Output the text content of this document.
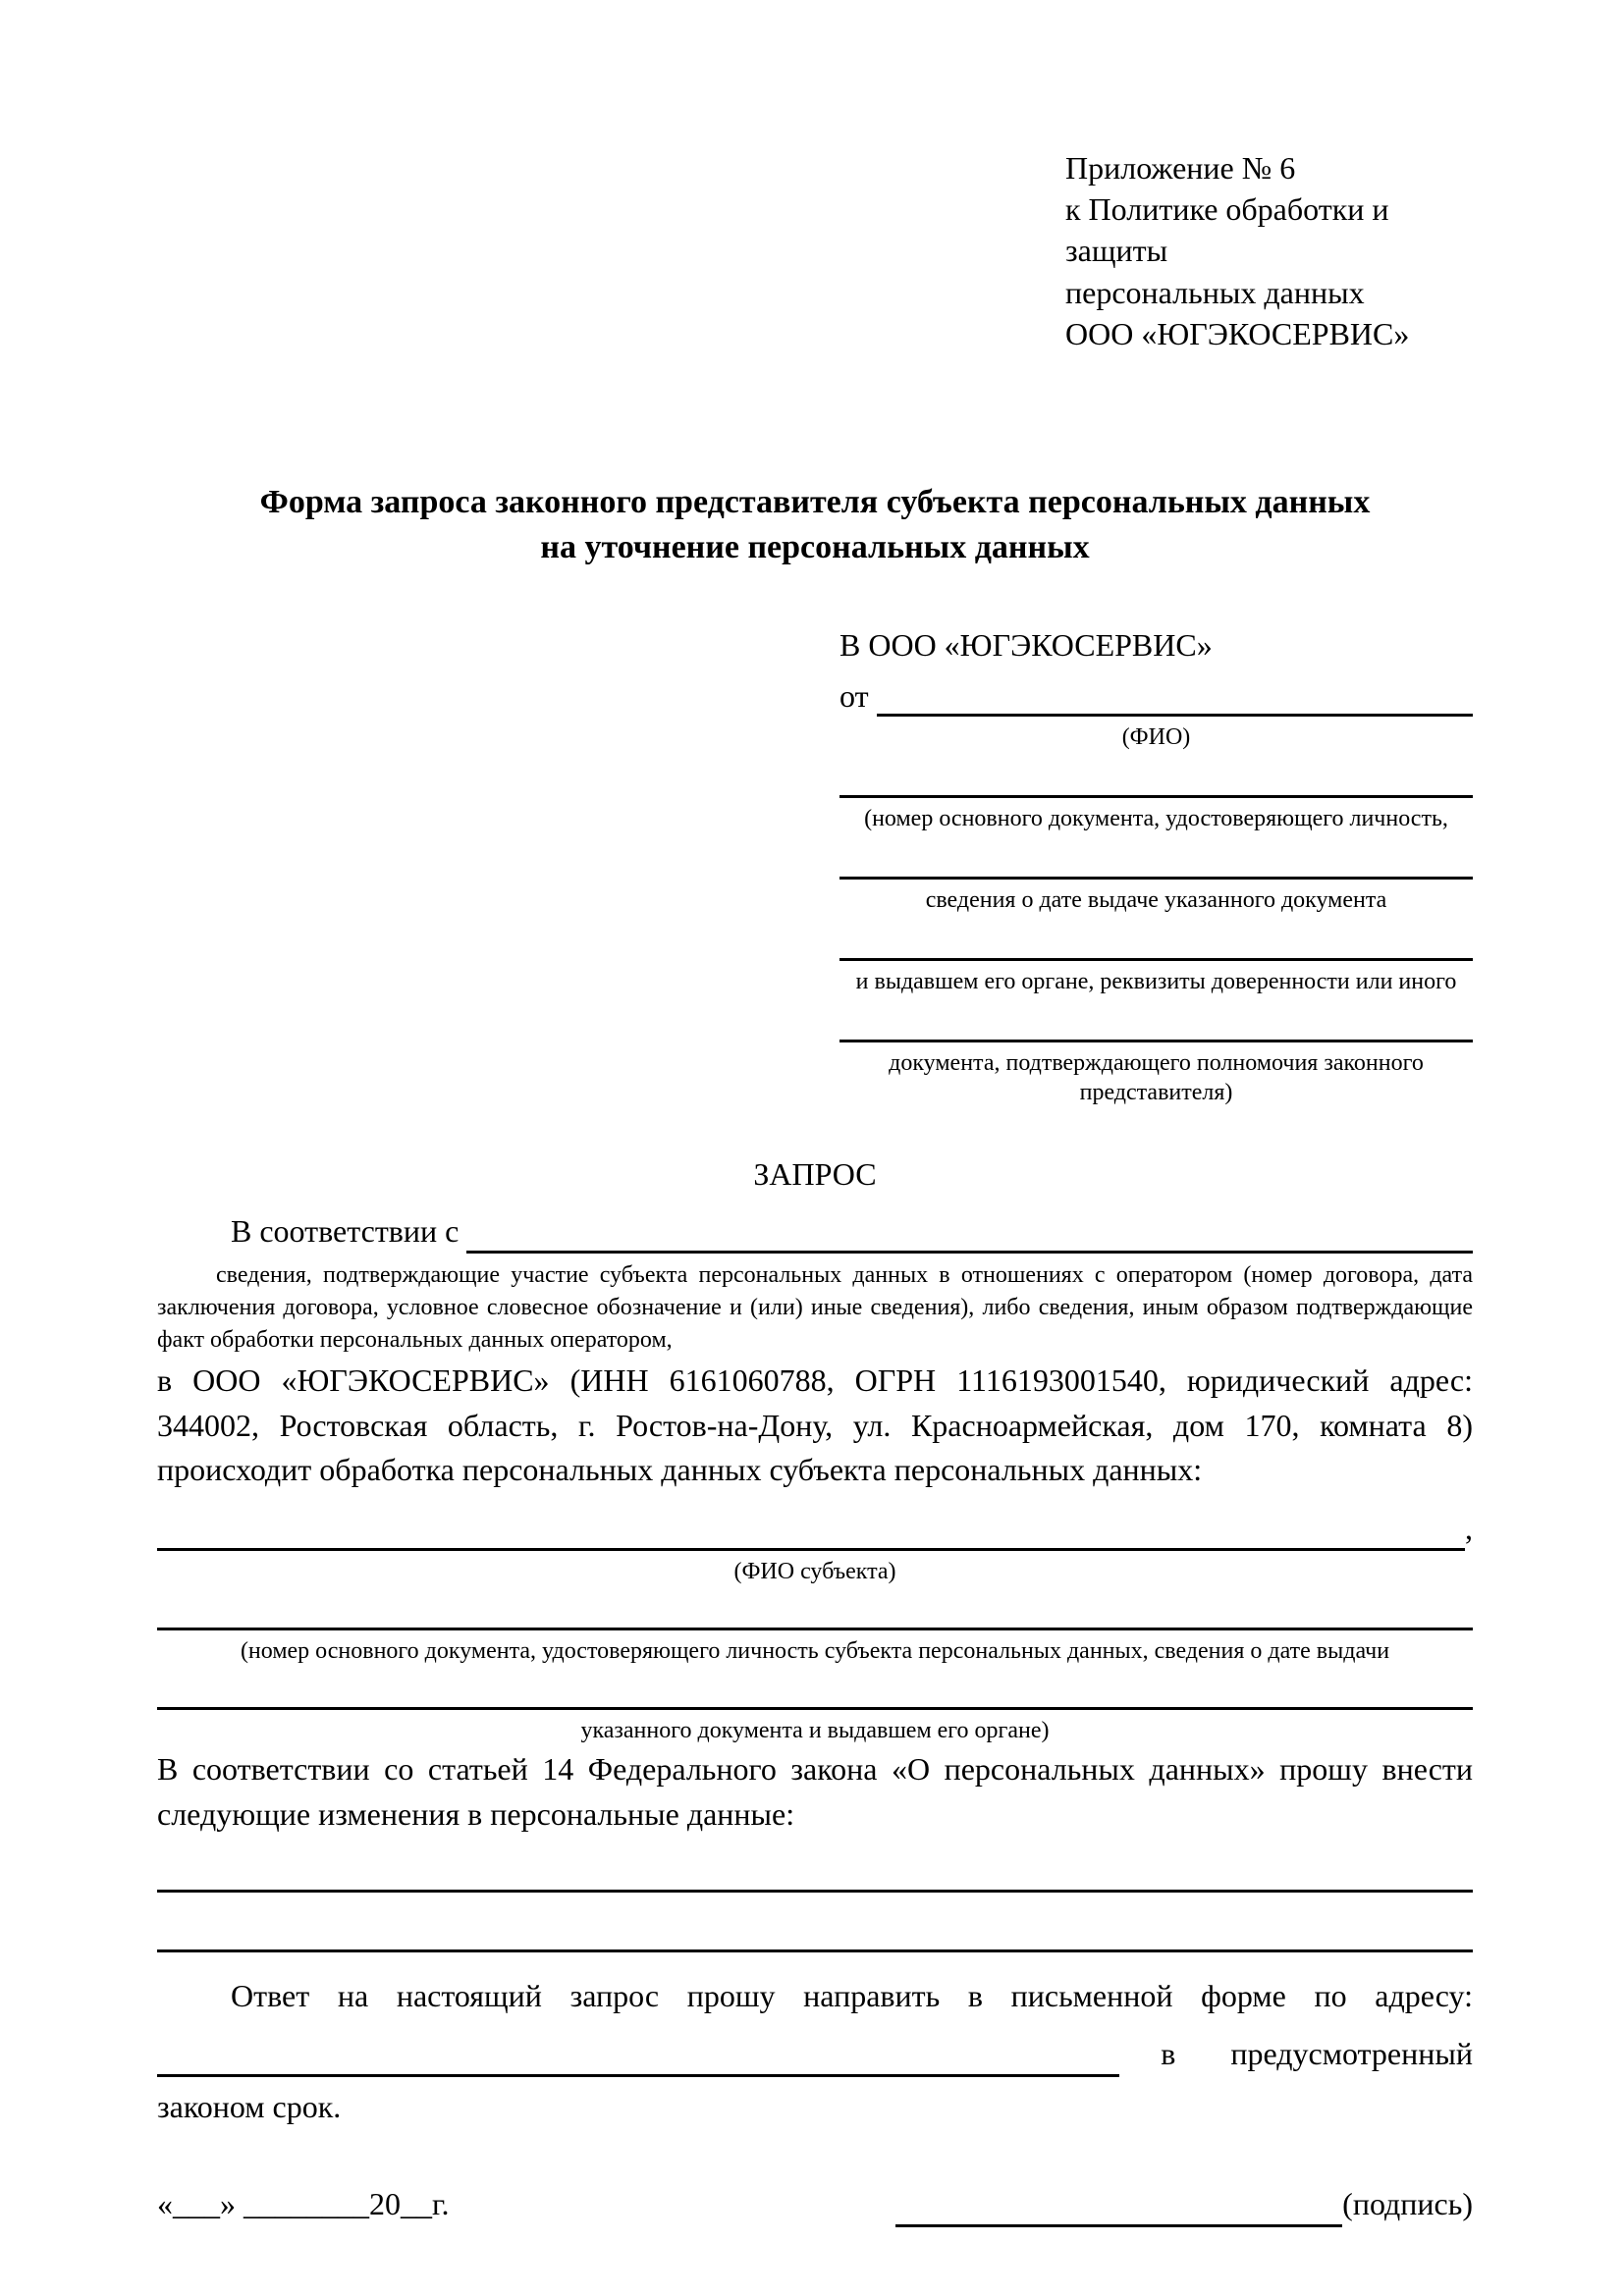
Приложение № 6
к Политике обработки и защиты
персональных данных
ООО «ЮГЭКОСЕРВИС»
Форма запроса законного представителя субъекта персональных данных
на уточнение персональных данных
В ООО «ЮГЭКОСЕРВИС»
от
(ФИО)
(номер основного документа, удостоверяющего личность,
сведения о дате выдаче указанного документа
и выдавшем его органе, реквизиты доверенности или иного
документа, подтверждающего полномочия законного представителя)
ЗАПРОС
В соответствии с

сведения, подтверждающие участие субъекта персональных данных в отношениях с оператором (номер договора, дата заключения договора, условное словесное обозначение и (или) иные сведения), либо сведения, иным образом подтверждающие факт обработки персональных данных оператором,

в ООО «ЮГЭКОСЕРВИС» (ИНН 6161060788, ОГРН 1116193001540, юридический адрес: 344002, Ростовская область, г. Ростов-на-Дону, ул. Красноармейская, дом 170, комната 8) происходит обработка персональных данных субъекта персональных данных:

,
(ФИО субъекта)
(номер основного документа, удостоверяющего личность субъекта персональных данных, сведения о дате выдачи
указанного документа и выдавшем его органе)

В соответствии со статьей 14 Федерального закона «О персональных данных» прошу внести следующие изменения в персональные данные:

Ответ на настоящий запрос прошу направить в письменной форме по адресу:
в предусмотренный
законом срок.
«___» ________20__г.	(подпись)
